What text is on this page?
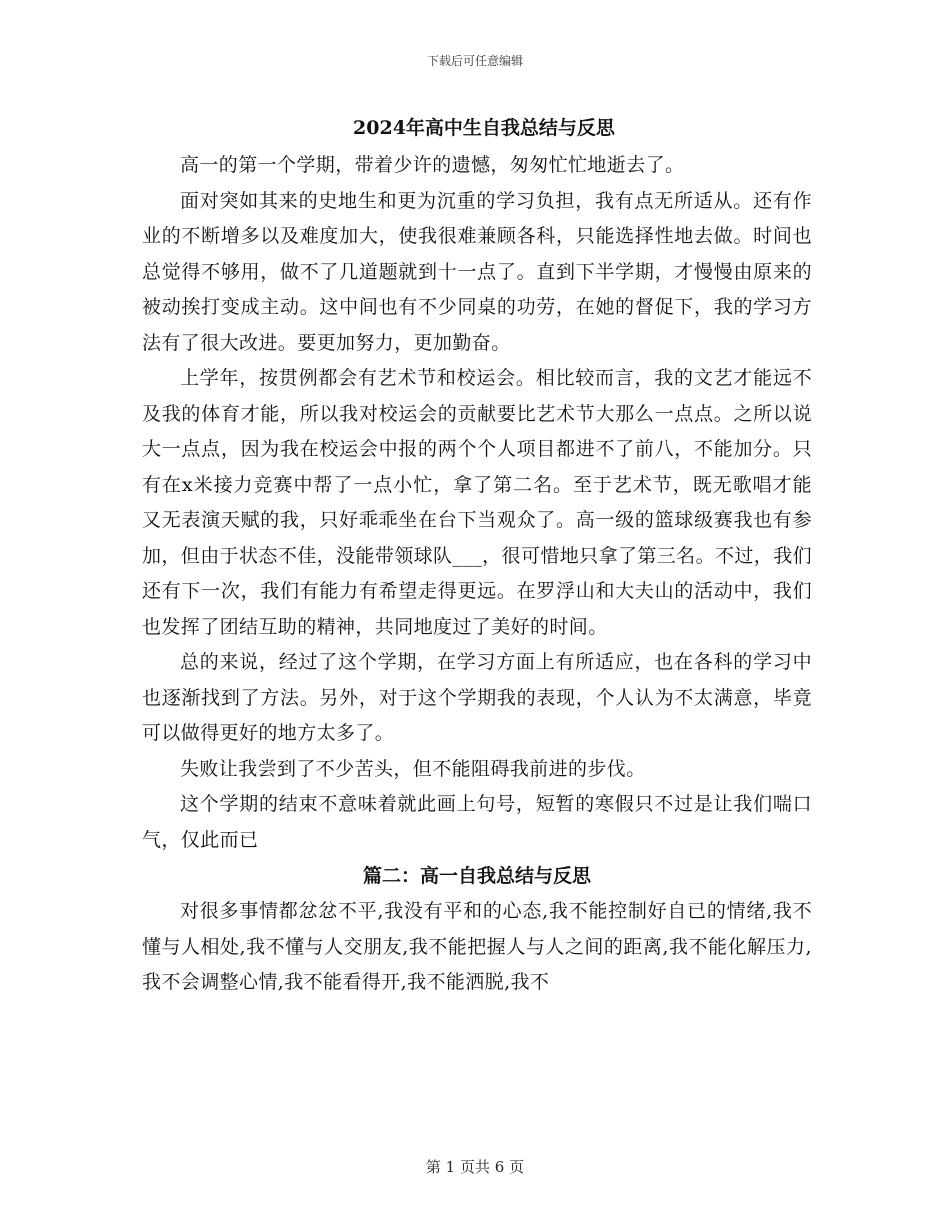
下载后可任意编辑
2024年高中生自我总结与反思

高一的第一个学期，带着少许的遗憾，匆匆忙忙地逝去了。

面对突如其来的史地生和更为沉重的学习负担，我有点无所适从。还有作业的不断增多以及难度加大，使我很难兼顾各科，只能选择性地去做。时间也总觉得不够用，做不了几道题就到十一点了。直到下半学期，才慢慢由原来的被动挨打变成主动。这中间也有不少同桌的功劳，在她的督促下，我的学习方法有了很大改进。要更加努力，更加勤奋。

上学年，按贯例都会有艺术节和校运会。相比较而言，我的文艺才能远不及我的体育才能，所以我对校运会的贡献要比艺术节大那么一点点。之所以说大一点点，因为我在校运会中报的两个个人项目都进不了前八，不能加分。只有在x米接力竞赛中帮了一点小忙，拿了第二名。至于艺术节，既无歌唱才能又无表演天赋的我，只好乖乖坐在台下当观众了。高一级的篮球级赛我也有参加，但由于状态不佳，没能带领球队___，很可惜地只拿了第三名。不过，我们还有下一次，我们有能力有希望走得更远。在罗浮山和大夫山的活动中，我们也发挥了团结互助的精神，共同地度过了美好的时间。

总的来说，经过了这个学期，在学习方面上有所适应，也在各科的学习中也逐渐找到了方法。另外，对于这个学期我的表现，个人认为不太满意，毕竟可以做得更好的地方太多了。

失败让我尝到了不少苦头，但不能阻碍我前进的步伐。

这个学期的结束不意味着就此画上句号，短暂的寒假只不过是让我们喘口气，仅此而已

篇二：高一自我总结与反思

对很多事情都忿忿不平,我没有平和的心态,我不能控制好自已的情绪,我不懂与人相处,我不懂与人交朋友,我不能把握人与人之间的距离,我不能化解压力,我不会调整心情,我不能看得开,我不能洒脱,我不

第 1 页共 6 页
